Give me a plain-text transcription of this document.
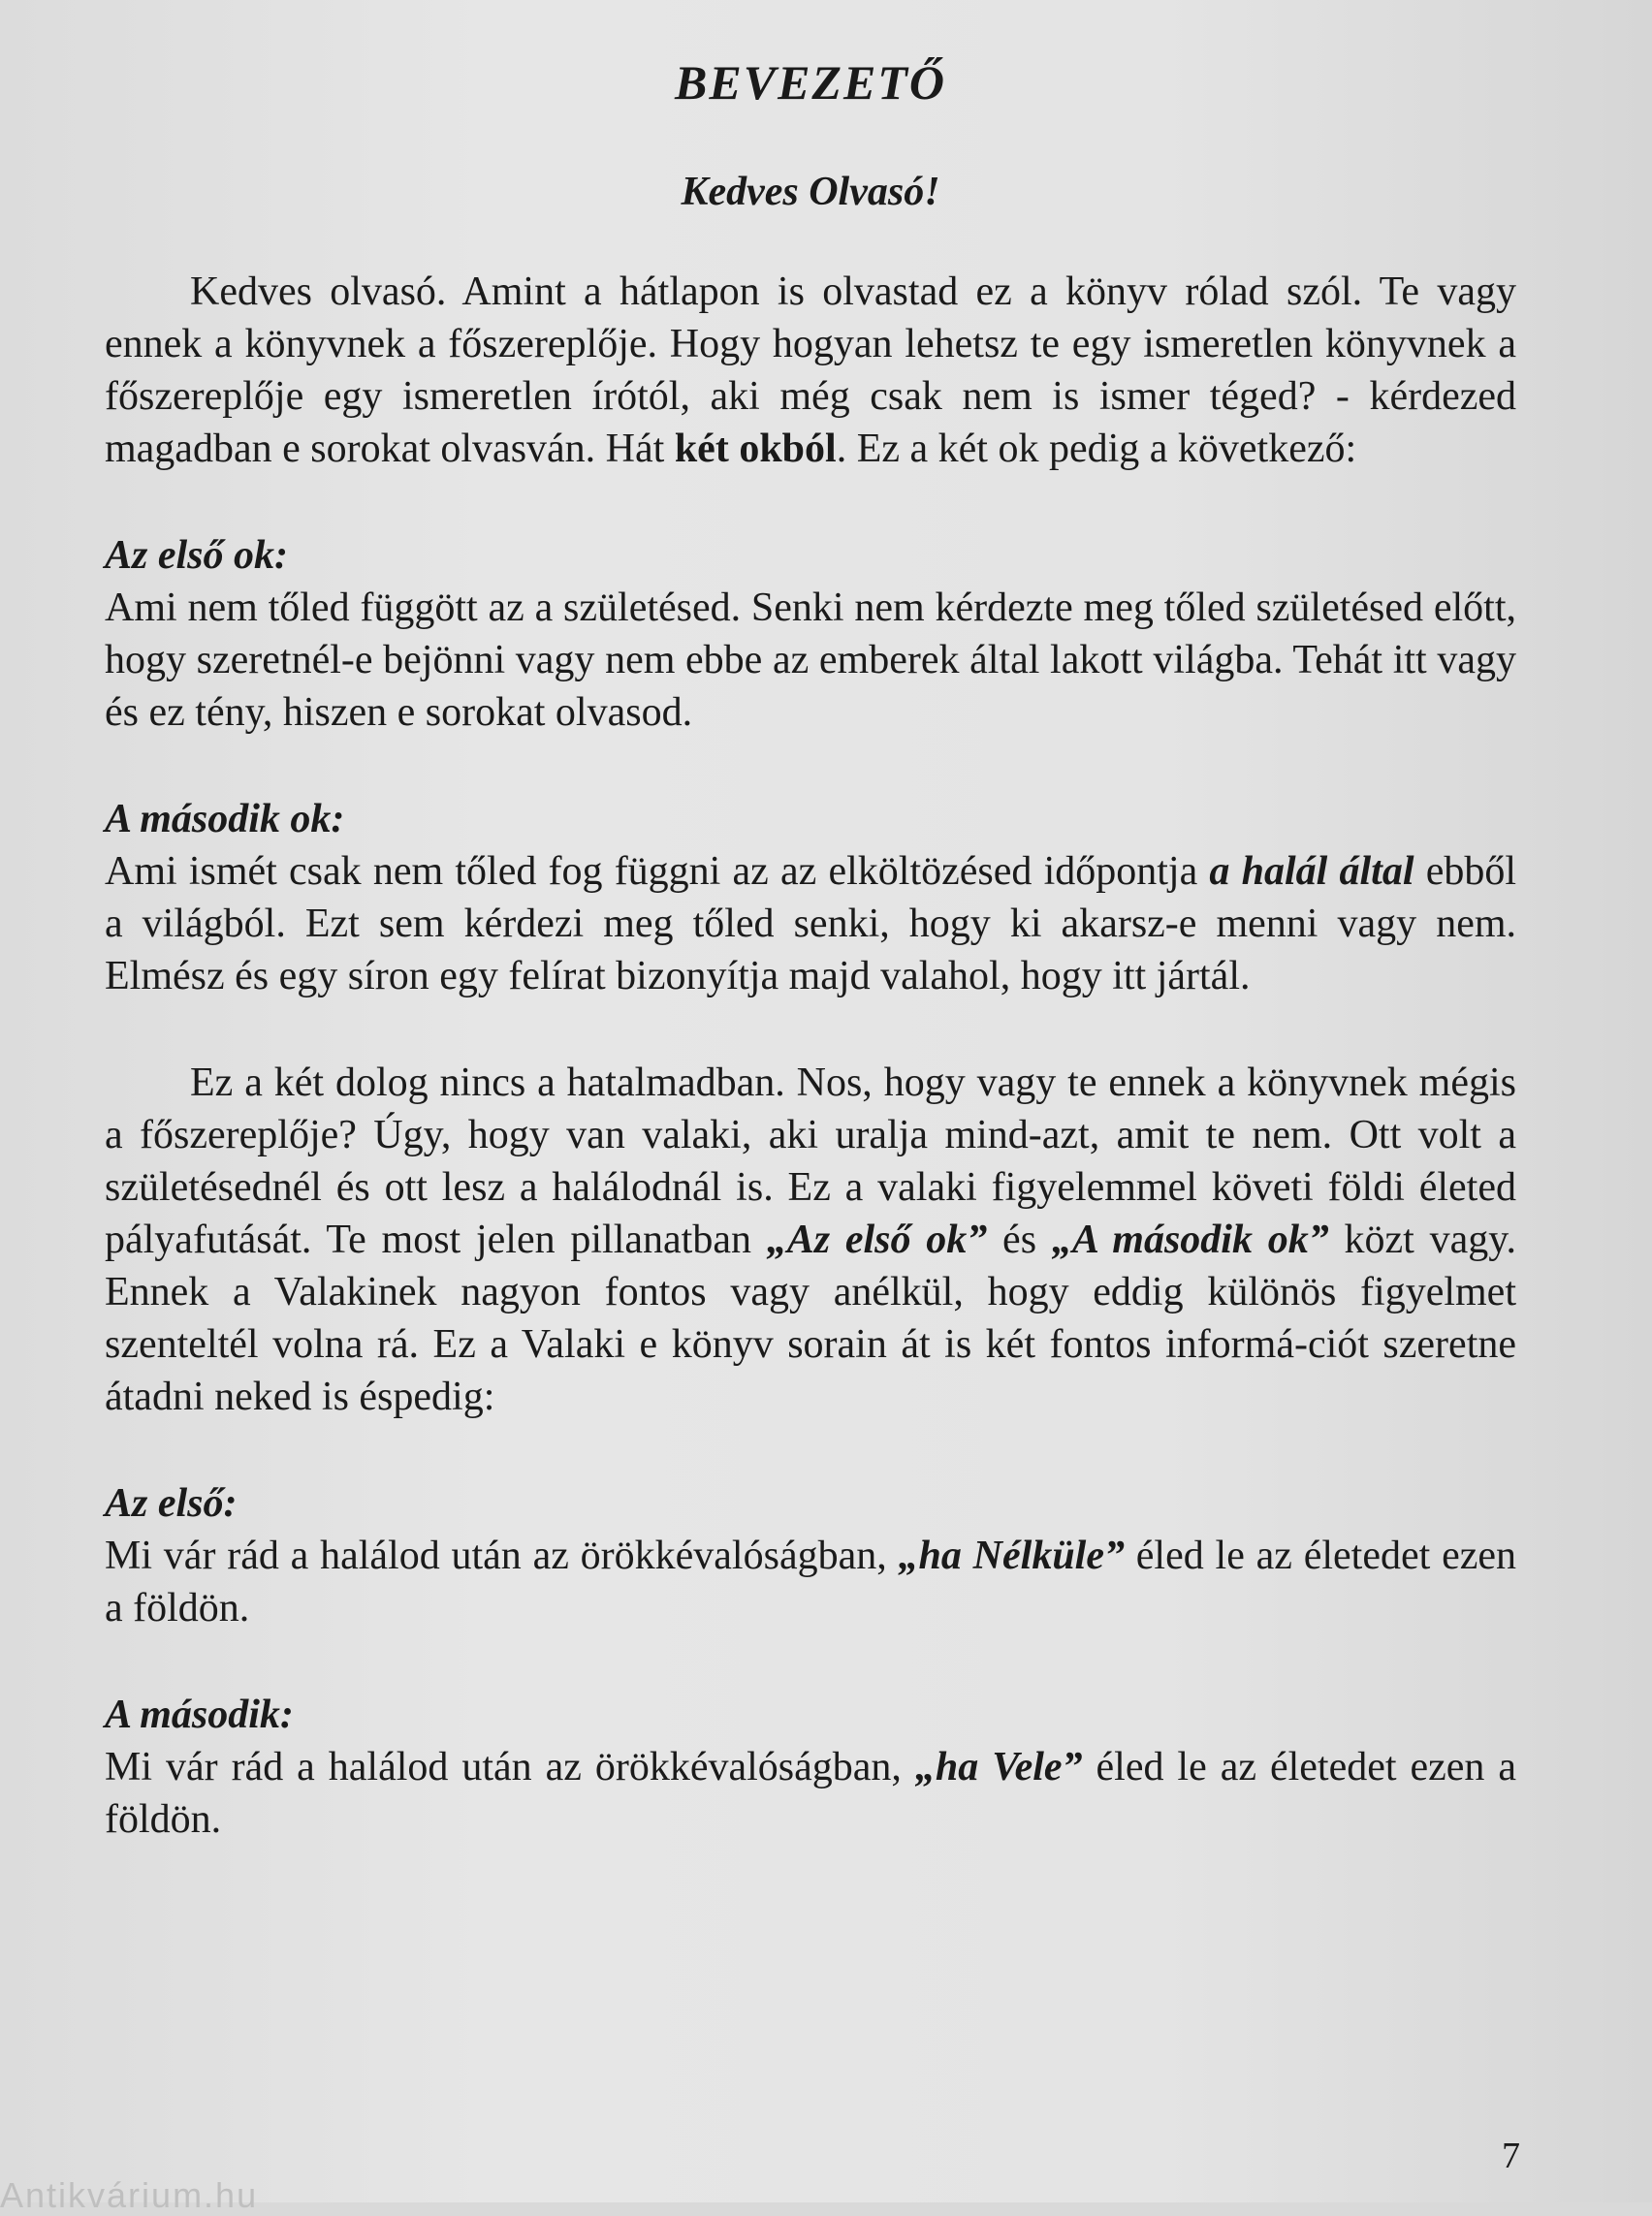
BEVEZETŐ
Kedves Olvasó!

Kedves olvasó. Amint a hátlapon is olvastad ez a könyv rólad szól. Te vagy ennek a könyvnek a főszereplője. Hogy hogyan lehetsz te egy ismeretlen könyvnek a főszereplője egy ismeretlen írótól, aki még csak nem is ismer téged? - kérdezed magadban e sorokat olvasván. Hát két okból. Ez a két ok pedig a következő:

Az első ok:

Ami nem tőled függött az a születésed. Senki nem kérdezte meg tőled születésed előtt, hogy szeretnél-e bejönni vagy nem ebbe az emberek által lakott világba. Tehát itt vagy és ez tény, hiszen e sorokat olvasod.

A második ok:

Ami ismét csak nem tőled fog függni az az elköltözésed időpontja a halál által ebből a világból. Ezt sem kérdezi meg tőled senki, hogy ki akarsz-e menni vagy nem. Elmész és egy síron egy felírat bizonyítja majd valahol, hogy itt jártál.

Ez a két dolog nincs a hatalmadban. Nos, hogy vagy te ennek a könyvnek mégis a főszereplője? Úgy, hogy van valaki, aki uralja mind-azt, amit te nem. Ott volt a születésednél és ott lesz a halálodnál is. Ez a valaki figyelemmel követi földi életed pályafutását. Te most jelen pillanatban „Az első ok” és „A második ok” közt vagy. Ennek a Valakinek nagyon fontos vagy anélkül, hogy eddig különös figyelmet szenteltél volna rá. Ez a Valaki e könyv sorain át is két fontos informá-ciót szeretne átadni neked is éspedig:

Az első:

Mi vár rád a halálod után az örökkévalóságban, „ha Nélküle” éled le az életedet ezen a földön.

A második:

Mi vár rád a halálod után az örökkévalóságban, „ha Vele” éled le az életedet ezen a földön.

7
Antikvárium.hu
